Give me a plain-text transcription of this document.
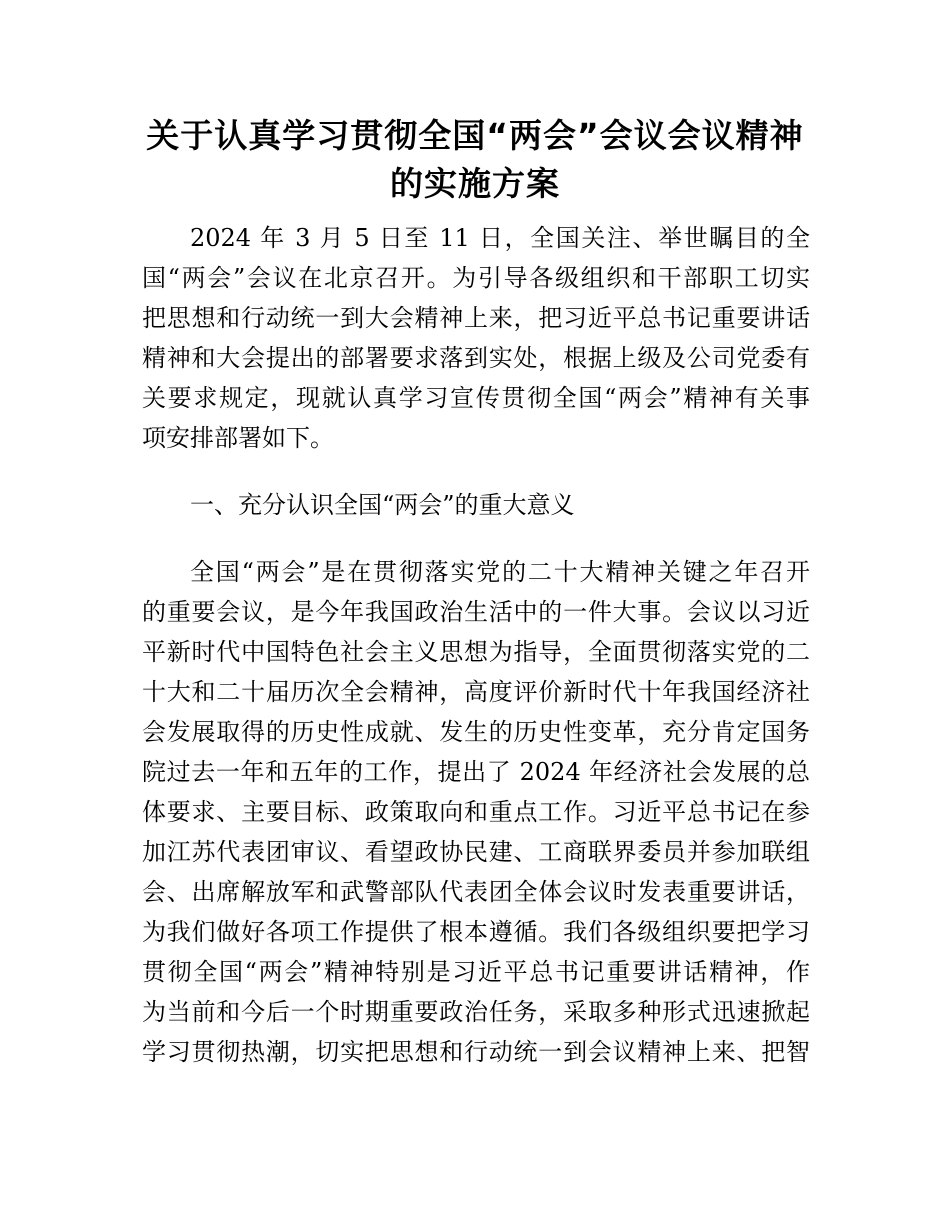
关于认真学习贯彻全国“两会”会议会议精神
的实施方案
2024 年 3 月 5 日至 11 日，全国关注、举世瞩目的全
国“两会”会议在北京召开。为引导各级组织和干部职工切实
把思想和行动统一到大会精神上来，把习近平总书记重要讲话
精神和大会提出的部署要求落到实处，根据上级及公司党委有
关要求规定，现就认真学习宣传贯彻全国“两会”精神有关事
项安排部署如下。
一、充分认识全国“两会”的重大意义
全国“两会”是在贯彻落实党的二十大精神关键之年召开
的重要会议，是今年我国政治生活中的一件大事。会议以习近
平新时代中国特色社会主义思想为指导，全面贯彻落实党的二
十大和二十届历次全会精神，高度评价新时代十年我国经济社
会发展取得的历史性成就、发生的历史性变革，充分肯定国务
院过去一年和五年的工作，提出了 2024 年经济社会发展的总
体要求、主要目标、政策取向和重点工作。习近平总书记在参
加江苏代表团审议、看望政协民建、工商联界委员并参加联组
会、出席解放军和武警部队代表团全体会议时发表重要讲话，
为我们做好各项工作提供了根本遵循。我们各级组织要把学习
贯彻全国“两会”精神特别是习近平总书记重要讲话精神，作
为当前和今后一个时期重要政治任务，采取多种形式迅速掀起
学习贯彻热潮，切实把思想和行动统一到会议精神上来、把智
